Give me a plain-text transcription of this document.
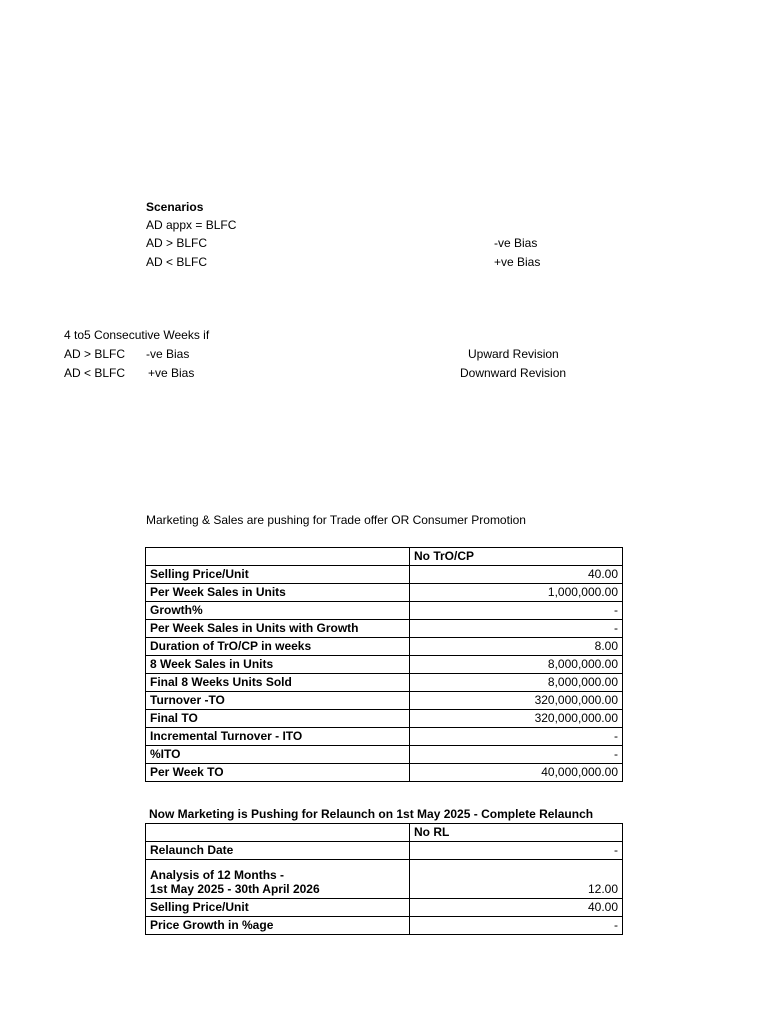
Scenarios
AD appx = BLFC
AD > BLFC	-ve Bias
AD < BLFC	+ve Bias
4 to5 Consecutive Weeks if
AD > BLFC -ve Bias	Upward Revision
AD < BLFC +ve Bias	Downward Revision
Marketing & Sales are pushing for Trade offer OR Consumer Promotion
	No TrO/CP
Selling Price/Unit	40.00
Per Week Sales in Units	1,000,000.00
Growth%	-
Per Week Sales in Units with Growth	-
Duration of TrO/CP in weeks	8.00
8 Week Sales in Units	8,000,000.00
Final 8 Weeks Units Sold	8,000,000.00
Turnover -TO	320,000,000.00
Final TO	320,000,000.00
Incremental Turnover - ITO	-
%ITO	-
Per Week TO	40,000,000.00
Now Marketing is Pushing for Relaunch on 1st May 2025 - Complete Relaunch
	No RL
Relaunch Date	-

Analysis of 12 Months -
1st May 2025 - 30th April 2026	12.00
Selling Price/Unit	40.00
Price Growth in %age	-
